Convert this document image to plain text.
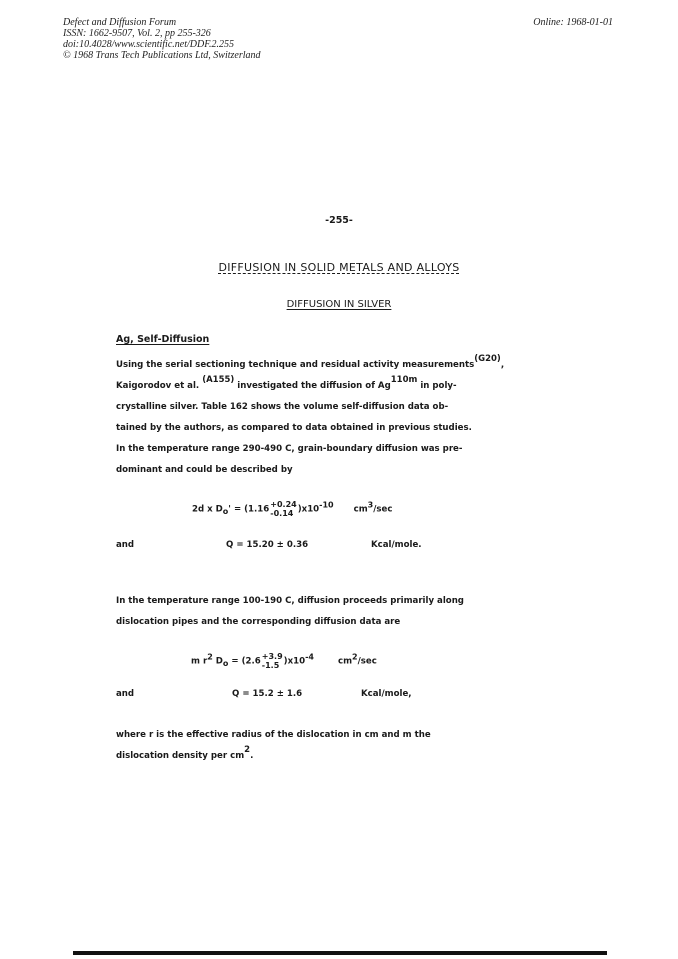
Defect and Diffusion Forum
ISSN: 1662-9507, Vol. 2, pp 255-326
doi:10.4028/www.scientific.net/DDF.2.255
© 1968 Trans Tech Publications Ltd, Switzerland
Online: 1968-01-01
-255-
DIFFUSION IN SOLID METALS AND ALLOYS
DIFFUSION IN SILVER
Ag, Self-Diffusion
Using the serial sectioning technique and residual activity measurements$^{(G20)}$,
Kaigorodov et al. $^{(A155)}$ investigated the diffusion of $Ag^{110m}$ in poly-
crystalline silver. Table 162 shows the volume self-diffusion data ob-
tained by the authors, as compared to data obtained in previous studies.
In the temperature range 290-490 C, grain-boundary diffusion was pre-
dominant and could be described by
2d x $D_o' = (1.16 +0.24$
-0.14 )$x10^{-10}$ $cm^3/\sec$
and	Q = 15.20 ± 0.36	Kcal/mole.
In the temperature range 100-190 C, diffusion proceeds primarily along
dislocation pipes and the corresponding diffusion data are
m $r^2$ $D_o = (2.6 +3.9$
-1.5 )$x10^{-4}$	$cm^2/\sec$
and	Q = 15.2 ± 1.6	Kcal/mole,
where r is the effective radius of the dislocation in cm and m the
dislocation density per $cm^2$.
